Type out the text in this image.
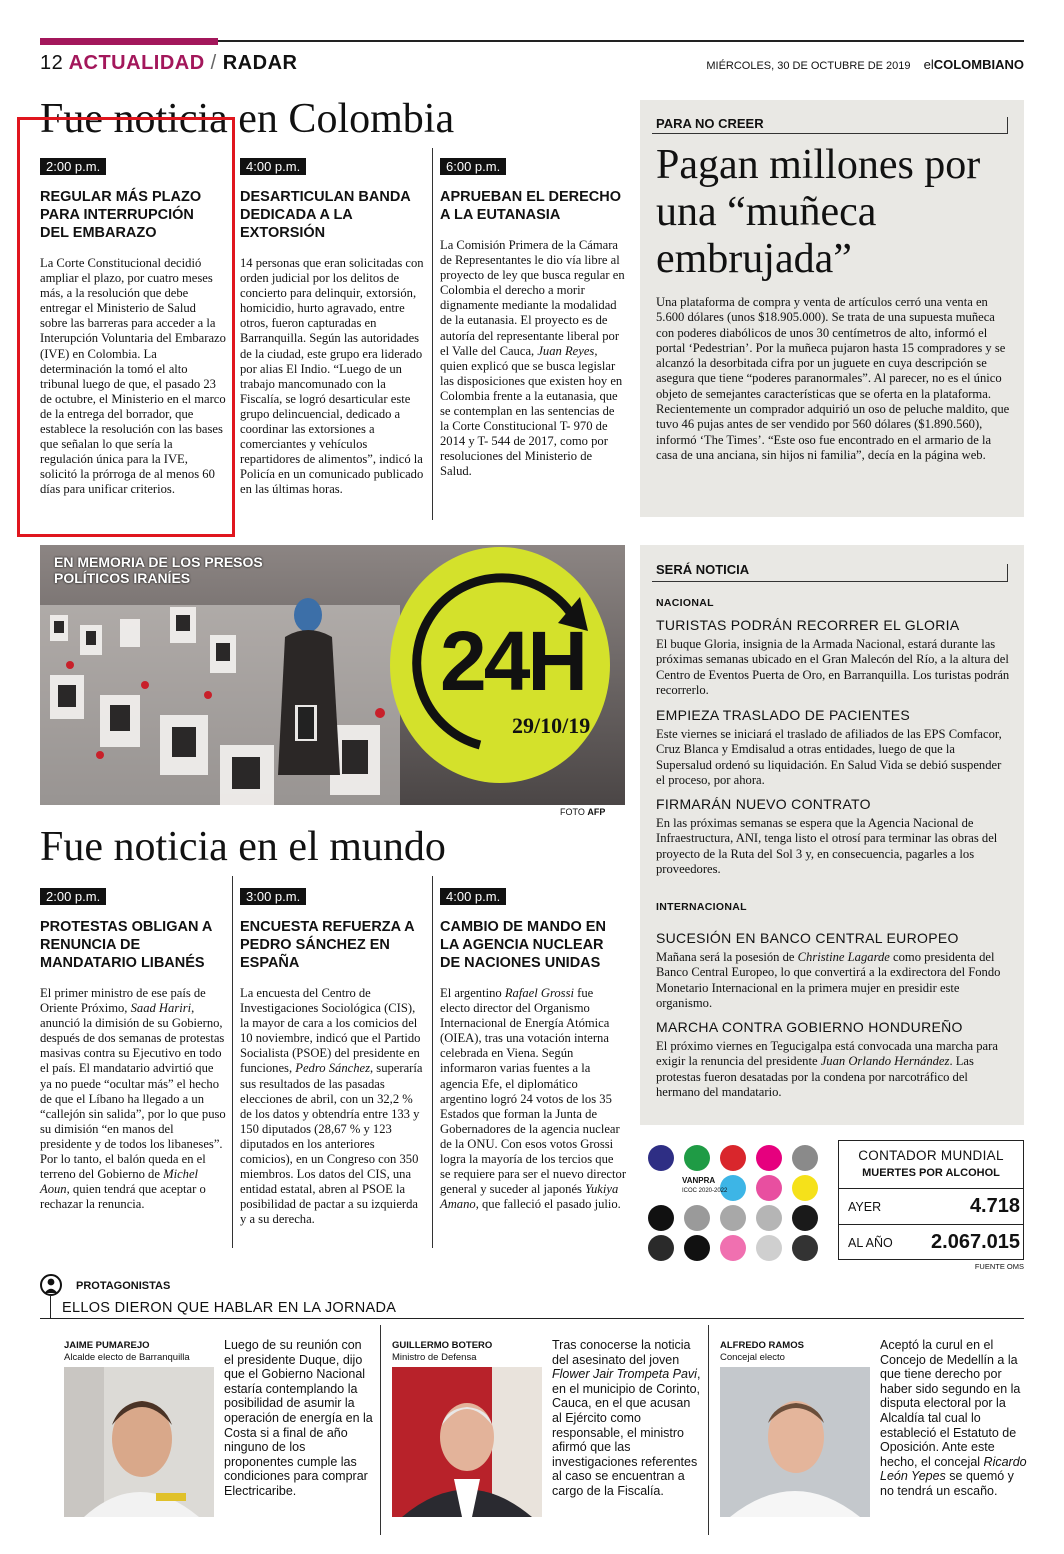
12 ACTUALIDAD / RADAR	MIÉRCOLES, 30 DE OCTUBRE DE 2019 elCOLOMBIANO
Fue noticia en Colombia
2:00 p.m.
REGULAR MÁS PLAZO PARA INTERRUPCIÓN DEL EMBARAZO
La Corte Constitucional decidió ampliar el plazo, por cuatro meses más, a la resolución que debe entregar el Ministerio de Salud sobre las barreras para acceder a la Interupción Voluntaria del Embarazo (IVE) en Colombia. La determinación la tomó el alto tribunal luego de que, el pasado 23 de octubre, el Ministerio en el marco de la entrega del borrador, que establece la resolución con las bases que señalan lo que sería la regulación única para la IVE, solicitó la prórroga de al menos 60 días para unificar criterios.
4:00 p.m.
DESARTICULAN BANDA DEDICADA A LA EXTORSIÓN
14 personas que eran solicitadas con orden judicial por los delitos de concierto para delinquir, extorsión, homicidio, hurto agravado, entre otros, fueron capturadas en Barranquilla. Según las autoridades de la ciudad, este grupo era liderado por alias El Indio. “Luego de un trabajo mancomunado con la Fiscalía, se logró desarticular este grupo delincuencial, dedicado a coordinar las extorsiones a comerciantes y vehículos repartidores de alimentos”, indicó la Policía en un comunicado publicado en las últimas horas.
6:00 p.m.
APRUEBAN EL DERECHO A LA EUTANASIA
La Comisión Primera de la Cámara de Representantes le dio vía libre al proyecto de ley que busca regular en Colombia el derecho a morir dignamente mediante la modalidad de la eutanasia. El proyecto es de autoría del representante liberal por el Valle del Cauca, Juan Reyes, quien explicó que se busca legislar las disposiciones que existen hoy en Colombia frente a la eutanasia, que se contemplan en las sentencias de la Corte Constitucional T- 970 de 2014 y T- 544 de 2017, como por resoluciones del Ministerio de Salud.
PARA NO CREER
Pagan millones por una “muñeca embrujada”
Una plataforma de compra y venta de artículos cerró una venta en 5.600 dólares (unos $18.905.000). Se trata de una supuesta muñeca con poderes diabólicos de unos 30 centímetros de alto, informó el portal ‘Pedestrian’. Por la muñeca pujaron hasta 15 compradores y se alcanzó la desorbitada cifra por un juguete en cuya descripción se asegura que tiene “poderes paranormales”. Al parecer, no es el único objeto de semejantes características que se oferta en la plataforma. Recientemente un comprador adquirió un oso de peluche maldito, que tuvo 46 pujas antes de ser vendido por 560 dólares ($1.890.560), informó ‘The Times’. “Este oso fue encontrado en el armario de la casa de una anciana, sin hijos ni familia”, decía en la página web.
24H
29/10/19
EN MEMORIA DE LOS PRESOS POLÍTICOS IRANÍES
FOTO AFP
SERÁ NOTICIA
NACIONAL
TURISTAS PODRÁN RECORRER EL GLORIA
El buque Gloria, insignia de la Armada Nacional, estará durante las próximas semanas ubicado en el Gran Malecón del Río, a la altura del Centro de Eventos Puerta de Oro, en Barranquilla. Los turistas podrán recorrerlo.
EMPIEZA TRASLADO DE PACIENTES
Este viernes se iniciará el traslado de afiliados de las EPS Comfacor, Cruz Blanca y Emdisalud a otras entidades, luego de que la Supersalud ordenó su liquidación. En Salud Vida se debió suspender el proceso, por ahora.
FIRMARÁN NUEVO CONTRATO
En las próximas semanas se espera que la Agencia Nacional de Infraestructura, ANI, tenga listo el otrosí para terminar las obras del proyecto de la Ruta del Sol 3 y, en consecuencia, pagarles a los proveedores.
INTERNACIONAL
SUCESIÓN EN BANCO CENTRAL EUROPEO
Mañana será la posesión de Christine Lagarde como presidenta del Banco Central Europeo, lo que convertirá a la exdirectora del Fondo Monetario Internacional en la primera mujer en presidir este organismo.
MARCHA CONTRA GOBIERNO HONDUREÑO
El próximo viernes en Tegucigalpa está convocada una marcha para exigir la renuncia del presidente Juan Orlando Hernández. Las protestas fueron desatadas por la condena por narcotráfico del hermano del mandatario.
Fue noticia en el mundo
2:00 p.m.
PROTESTAS OBLIGAN A RENUNCIA DE MANDATARIO LIBANÉS
El primer ministro de ese país de Oriente Próximo, Saad Hariri, anunció la dimisión de su Gobierno, después de dos semanas de protestas masivas contra su Ejecutivo en todo el país. El mandatario advirtió que ya no puede “ocultar más” el hecho de que el Líbano ha llegado a un “callejón sin salida”, por lo que puso su dimisión “en manos del presidente y de todos los libaneses”. Por lo tanto, el balón queda en el terreno del Gobierno de Michel Aoun, quien tendrá que aceptar o rechazar la renuncia.
3:00 p.m.
ENCUESTA REFUERZA A PEDRO SÁNCHEZ EN ESPAÑA
La encuesta del Centro de Investigaciones Sociológica (CIS), la mayor de cara a los comicios del 10 noviembre, indicó que el Partido Socialista (PSOE) del presidente en funciones, Pedro Sánchez, superaría sus resultados de las pasadas elecciones de abril, con un 32,2 % de los datos y obtendría entre 133 y 150 diputados (28,67 % y 123 diputados en los anteriores comicios), en un Congreso con 350 miembros. Los datos del CIS, una entidad estatal, abren al PSOE la posibilidad de pactar a su izquierda y a su derecha.
4:00 p.m.
CAMBIO DE MANDO EN LA AGENCIA NUCLEAR DE NACIONES UNIDAS
El argentino Rafael Grossi fue electo director del Organismo Internacional de Energía Atómica (OIEA), tras una votación interna celebrada en Viena. Según informaron varias fuentes a la agencia Efe, el diplomático argentino logró 24 votos de los 35 Estados que forman la Junta de Gobernadores de la agencia nuclear de la ONU. Con esos votos Grossi logra la mayoría de los tercios que se requiere para ser el nuevo director general y suceder al japonés Yukiya Amano, que falleció el pasado julio.
VANPRA
ICOC 2020-2022
CONTADOR MUNDIAL
MUERTES POR ALCOHOL
AYER	4.718
AL AÑO 2.067.015
FUENTE OMS
PROTAGONISTAS
ELLOS DIERON QUE HABLAR EN LA JORNADA
JAIME PUMAREJO
Alcalde electo de Barranquilla
Luego de su reunión con el presidente Duque, dijo que el Gobierno Nacional estaría contemplando la posibilidad de asumir la operación de energía en la Costa si a final de año ninguno de los proponentes cumple las condiciones para comprar Electricaribe.
GUILLERMO BOTERO
Ministro de Defensa
Tras conocerse la noticia del asesinato del joven Flower Jair Trompeta Pavi, en el municipio de Corinto, Cauca, en el que acusan al Ejército como responsable, el ministro afirmó que las investigaciones referentes al caso se encuentran a cargo de la Fiscalía.
ALFREDO RAMOS
Concejal electo
Aceptó la curul en el Concejo de Medellín a la que tiene derecho por haber sido segundo en la disputa electoral por la Alcaldía tal cual lo estableció el Estatuto de Oposición. Ante este hecho, el concejal Ricardo León Yepes se quemó y no tendrá un escaño.
